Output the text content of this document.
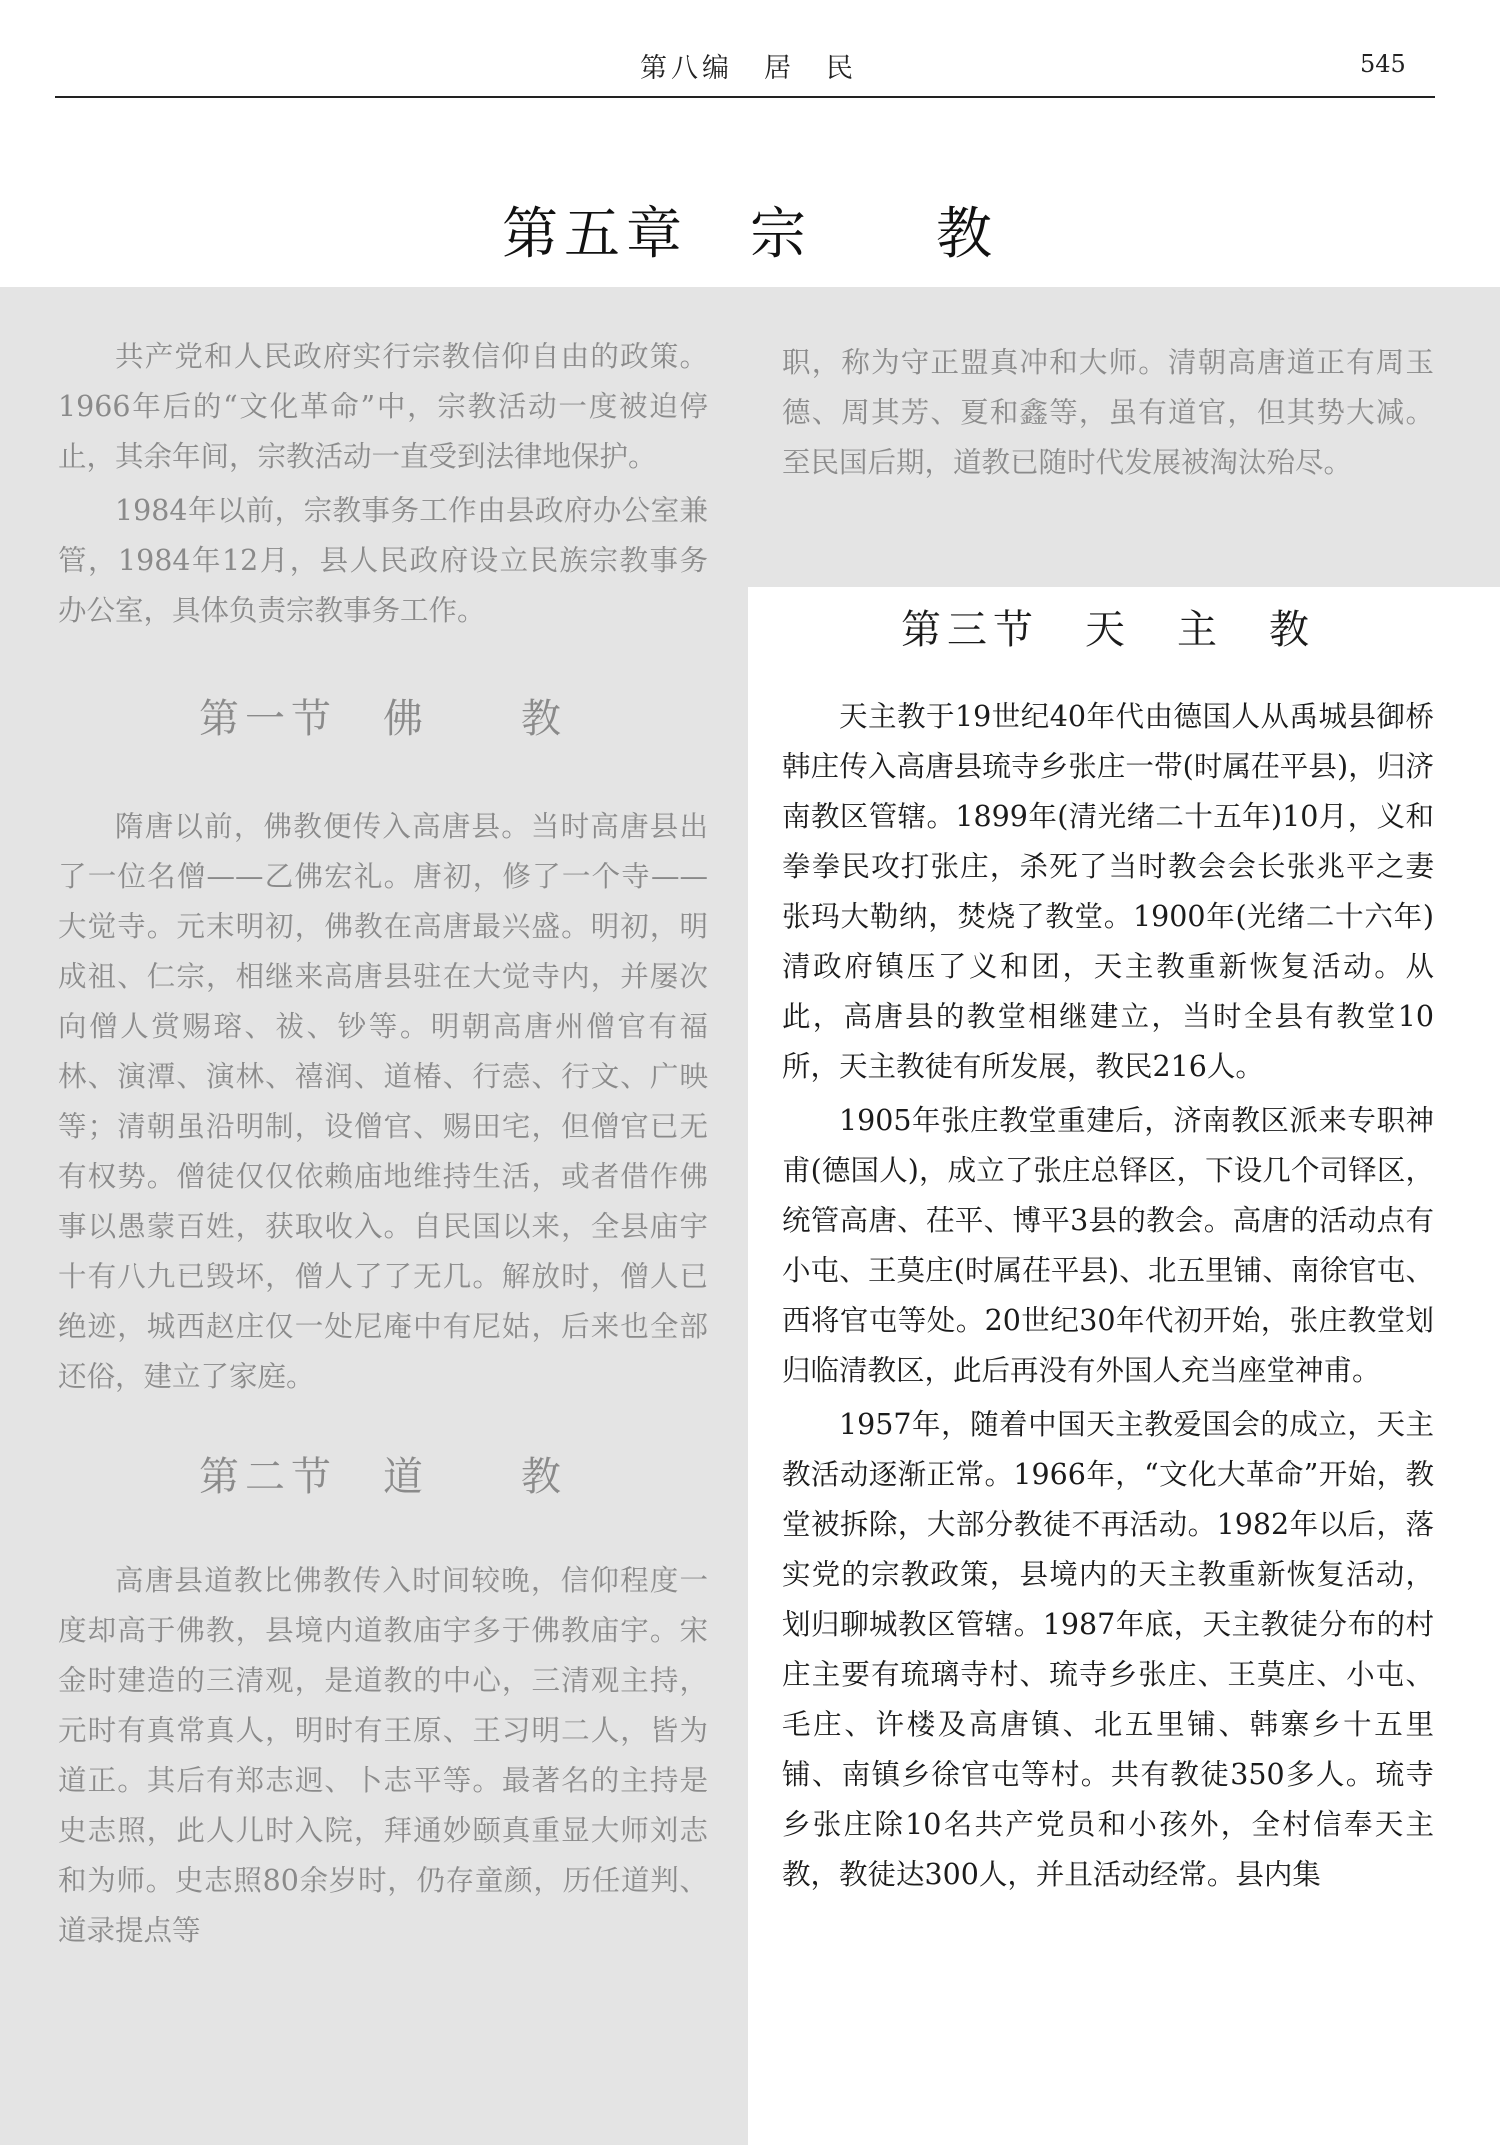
第八编　居　民	545
第五章　宗　　教

共产党和人民政府实行宗教信仰自由的政策。1966年后的“文化革命”中，宗教活动一度被迫停止，其余年间，宗教活动一直受到法律地保护。

1984年以前，宗教事务工作由县政府办公室兼管，1984年12月，县人民政府设立民族宗教事务办公室，具体负责宗教事务工作。

第一节　佛　　教

隋唐以前，佛教便传入高唐县。当时高唐县出了一位名僧——乙佛宏礼。唐初，修了一个寺——大觉寺。元末明初，佛教在高唐最兴盛。明初，明成祖、仁宗，相继来高唐县驻在大觉寺内，并屡次向僧人赏赐瑢、祓、钞等。明朝高唐州僧官有福林、演潭、演林、禧润、道椿、行悫、行文、广映等；清朝虽沿明制，设僧官、赐田宅，但僧官已无有权势。僧徒仅仅依赖庙地维持生活，或者借作佛事以愚蒙百姓，获取收入。自民国以来，全县庙宇十有八九已毁坏，僧人了了无几。解放时，僧人已绝迹，城西赵庄仅一处尼庵中有尼姑，后来也全部还俗，建立了家庭。

第二节　道　　教

高唐县道教比佛教传入时间较晚，信仰程度一度却高于佛教，县境内道教庙宇多于佛教庙宇。宋金时建造的三清观，是道教的中心，三清观主持，元时有真常真人，明时有王原、王习明二人，皆为道正。其后有郑志迥、卜志平等。最著名的主持是史志照，此人儿时入院，拜通妙颐真重显大师刘志和为师。史志照80余岁时，仍存童颜，历任道判、道录提点等

职，称为守正盟真冲和大师。清朝高唐道正有周玉德、周其芳、夏和鑫等，虽有道官，但其势大减。至民国后期，道教已随时代发展被淘汰殆尽。

第三节　天　主　教

天主教于19世纪40年代由德国人从禹城县御桥韩庄传入高唐县琉寺乡张庄一带(时属茌平县)，归济南教区管辖。1899年(清光绪二十五年)10月，义和拳拳民攻打张庄，杀死了当时教会会长张兆平之妻张玛大勒纳，焚烧了教堂。1900年(光绪二十六年)清政府镇压了义和团，天主教重新恢复活动。从此，高唐县的教堂相继建立，当时全县有教堂10所，天主教徒有所发展，教民216人。

1905年张庄教堂重建后，济南教区派来专职神甫(德国人)，成立了张庄总铎区，下设几个司铎区，统管高唐、茌平、博平3县的教会。高唐的活动点有小屯、王莫庄(时属茌平县)、北五里铺、南徐官屯、西将官屯等处。20世纪30年代初开始，张庄教堂划归临清教区，此后再没有外国人充当座堂神甫。

1957年，随着中国天主教爱国会的成立，天主教活动逐渐正常。1966年，“文化大革命”开始，教堂被拆除，大部分教徒不再活动。1982年以后，落实党的宗教政策，县境内的天主教重新恢复活动，划归聊城教区管辖。1987年底，天主教徒分布的村庄主要有琉璃寺村、琉寺乡张庄、王莫庄、小屯、毛庄、许楼及高唐镇、北五里铺、韩寨乡十五里铺、南镇乡徐官屯等村。共有教徒350多人。琉寺乡张庄除10名共产党员和小孩外，全村信奉天主教，教徒达300人，并且活动经常。县内集
